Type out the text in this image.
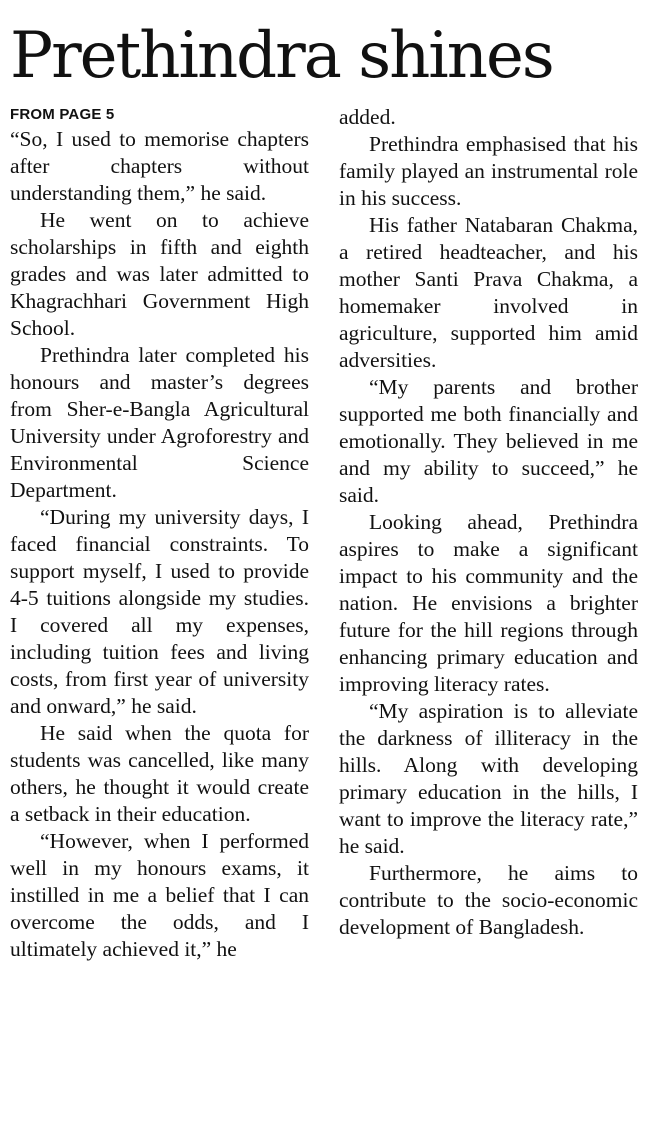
Prethindra shines
FROM PAGE 5

“So, I used to memorise chapters after chapters without understanding them,” he said.

He went on to achieve scholarships in fifth and eighth grades and was later admitted to Khagrachhari Government High School.

Prethindra later completed his honours and master’s degrees from Sher-e-Bangla Agricultural University under Agroforestry and Environmental Science Department.

“During my university days, I faced financial constraints. To support myself, I used to provide 4-5 tuitions alongside my studies. I covered all my expenses, including tuition fees and living costs, from first year of university and onward,” he said.

He said when the quota for students was cancelled, like many others, he thought it would create a setback in their education.

“However, when I performed well in my honours exams, it instilled in me a belief that I can overcome the odds, and I ultimately achieved it,” he

added.

Prethindra emphasised that his family played an instrumental role in his success.

His father Natabaran Chakma, a retired headteacher, and his mother Santi Prava Chakma, a homemaker involved in agriculture, supported him amid adversities.

“My parents and brother supported me both financially and emotionally. They believed in me and my ability to succeed,” he said.

Looking ahead, Prethindra aspires to make a significant impact to his community and the nation. He envisions a brighter future for the hill regions through enhancing primary education and improving literacy rates.

“My aspiration is to alleviate the darkness of illiteracy in the hills. Along with developing primary education in the hills, I want to improve the literacy rate,” he said.

Furthermore, he aims to contribute to the socio-economic development of Bangladesh.
